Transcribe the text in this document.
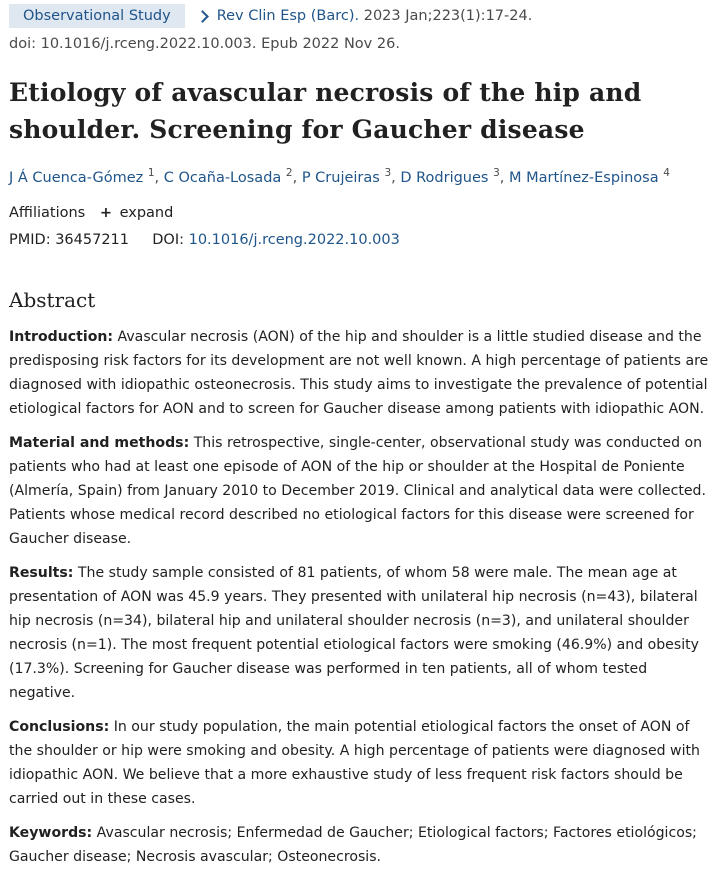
Observational Study	Rev Clin Esp (Barc). 2023 Jan;223(1):17-24.
doi: 10.1016/j.rceng.2022.10.003. Epub 2022 Nov 26.
Etiology of avascular necrosis of the hip and shoulder. Screening for Gaucher disease
J Á Cuenca-Gómez $^1$, C Ocaña-Losada $^2$, P Crujeiras $^3$, D Rodrigues $^3$, M Martínez-Espinosa $^4$
Affiliations + expand
PMID: 36457211 DOI: 10.1016/j.rceng.2022.10.003
Abstract

Introduction: Avascular necrosis (AON) of the hip and shoulder is a little studied disease and the predisposing risk factors for its development are not well known. A high percentage of patients are diagnosed with idiopathic osteonecrosis. This study aims to investigate the prevalence of potential etiological factors for AON and to screen for Gaucher disease among patients with idiopathic AON.

Material and methods: This retrospective, single-center, observational study was conducted on patients who had at least one episode of AON of the hip or shoulder at the Hospital de Poniente (Almería, Spain) from January 2010 to December 2019. Clinical and analytical data were collected. Patients whose medical record described no etiological factors for this disease were screened for Gaucher disease.

Results: The study sample consisted of 81 patients, of whom 58 were male. The mean age at presentation of AON was 45.9 years. They presented with unilateral hip necrosis (n=43), bilateral hip necrosis (n=34), bilateral hip and unilateral shoulder necrosis (n=3), and unilateral shoulder necrosis (n=1). The most frequent potential etiological factors were smoking (46.9%) and obesity (17.3%). Screening for Gaucher disease was performed in ten patients, all of whom tested negative.

Conclusions: In our study population, the main potential etiological factors the onset of AON of the shoulder or hip were smoking and obesity. A high percentage of patients were diagnosed with idiopathic AON. We believe that a more exhaustive study of less frequent risk factors should be carried out in these cases.

Keywords: Avascular necrosis; Enfermedad de Gaucher; Etiological factors; Factores etiológicos; Gaucher disease; Necrosis avascular; Osteonecrosis.
